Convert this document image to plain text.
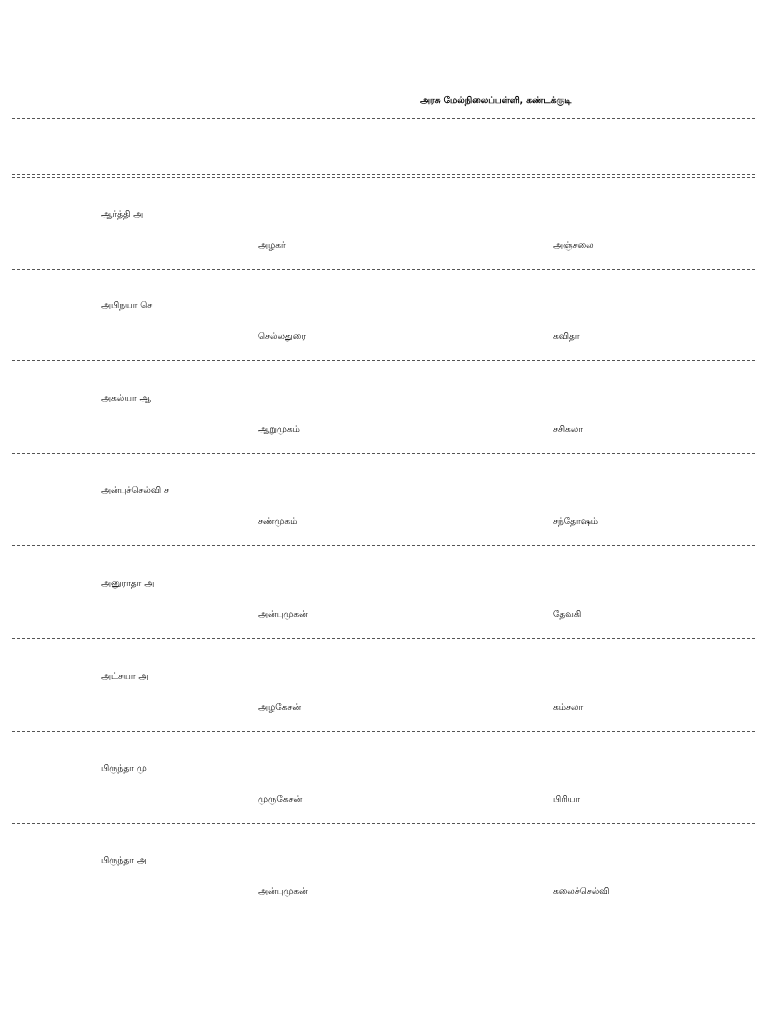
அரசு மேல்நிலைப்பள்ளி, கண்டக்குடி
ஆர்த்தி அ
அழகர்	அஞ்சலை
அபிநயா செ
செல்லதுரை	கவிதா
அகல்யா ஆ
ஆறுமுகம்	சசிகலா
அன்புச்செல்வி ச
சண்முகம்	சந்தோஷம்
அனுராதா அ
அன்புமுகன்	தேவகி
அட்சயா அ
அழகேசன்	கம்சலா
பிருந்தா மு
முருகேசன்	பிரியா
பிருந்தா அ
அன்புமுகன்	கலைச்செல்வி
